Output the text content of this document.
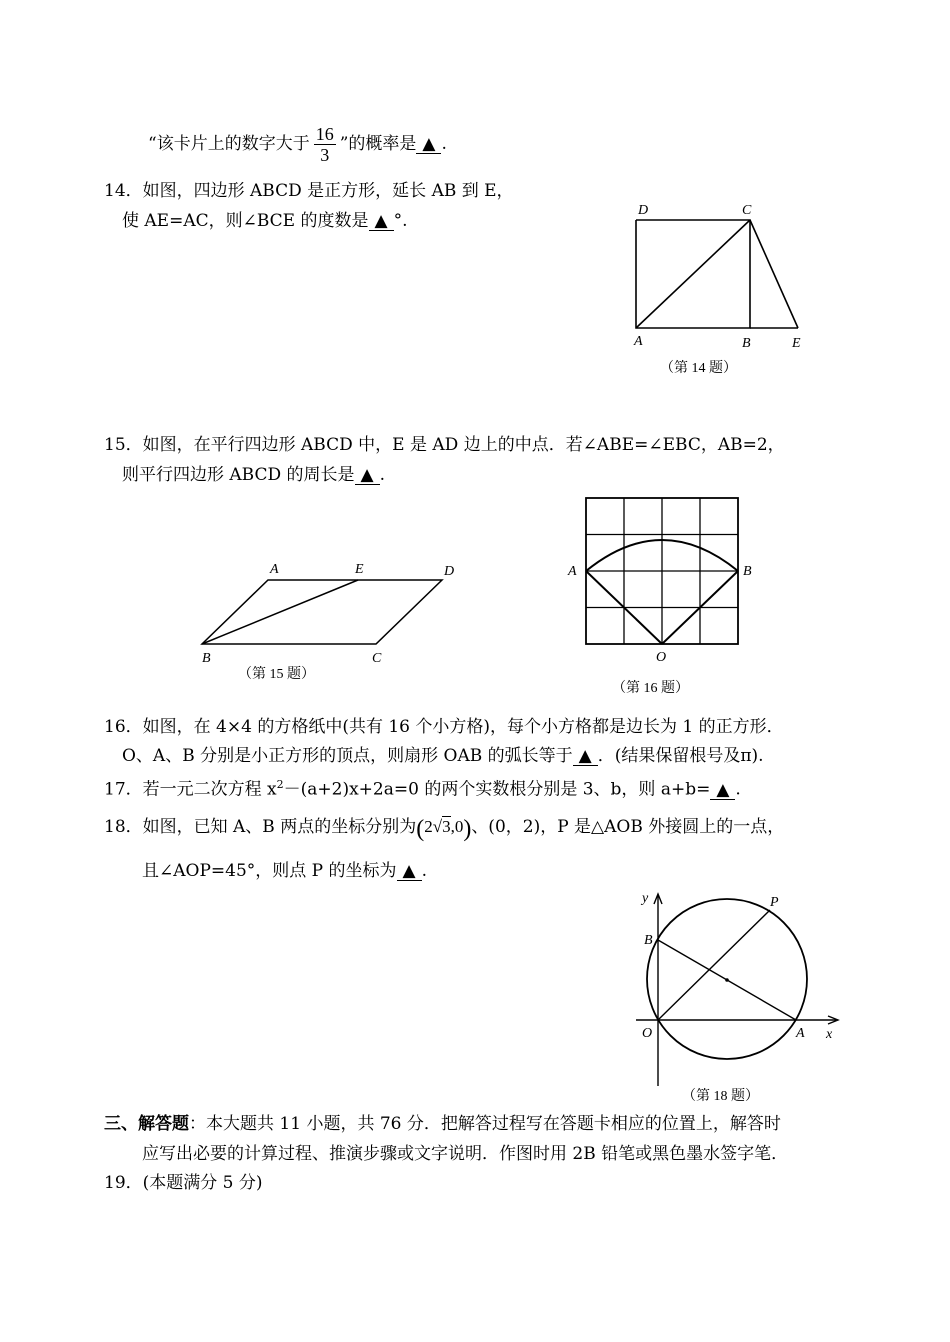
“该卡片上的数字大于 $\frac{16}{3}$ ”的概率是 ▲ .
14．如图，四边形 ABCD 是正方形，延长 AB 到 E，
使 AE=AC，则∠BCE 的度数是 ▲ °.
D	C
A	B	E
（第 14 题）
15．如图，在平行四边形 ABCD 中，E 是 AD 边上的中点．若∠ABE=∠EBC，AB=2，
则平行四边形 ABCD 的周长是 ▲ .
A	E	D
B	C
（第 15 题）
A	B
O
（第 16 题）
16．如图，在 4×4 的方格纸中(共有 16 个小方格)，每个小方格都是边长为 1 的正方形．
O、A、B 分别是小正方形的顶点，则扇形 OAB 的弧长等于 ▲ ．(结果保留根号及π).
17．若一元二次方程 $x^2-(a+2)x+2a=0$ 的两个实数根分别是 3、b，则 a+b= ▲ .
18．如图，已知 A、B 两点的坐标分别为(2√3,0)、(0，2)，P 是△AOB 外接圆上的一点，
且∠AOP=45°，则点 P 的坐标为 ▲ .
y	P
B
O	A x
（第 18 题）
三、解答题：本大题共 11 小题，共 76 分．把解答过程写在答题卡相应的位置上，解答时
应写出必要的计算过程、推演步骤或文字说明．作图时用 2B 铅笔或黑色墨水签字笔．
19．(本题满分 5 分)
